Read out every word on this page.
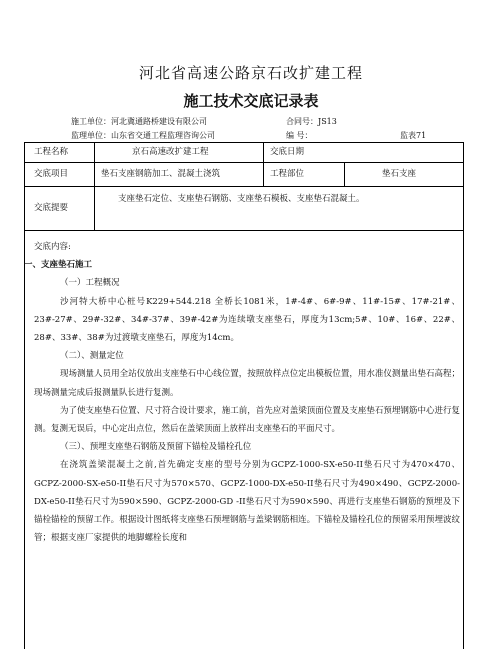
河北省高速公路京石改扩建工程
施工技术交底记录表
施工单位：河北冀通路桥建设有限公司	合同号：JS13
监理单位：山东省交通工程监理咨询公司	编 号：	监表71
工程名称	京石高速改扩建工程	交底日期
交底项目	垫石支座钢筋加工、混凝土浇筑	工程部位	垫石支座
交底提要
支座垫石定位、支座垫石钢筋、支座垫石模板、支座垫石混凝土。

交底内容:

一、支座垫石施工

（一）工程概况

沙河特大桥中心桩号K229+544.218 全桥长1081米，1#-4#、6#-9#、11#-15#、17#-21#、23#-27#、29#-32#、34#-37#、39#-42#为连续墩支座垫石，厚度为13cm;5#、10#、16#、22#、28#、33#、38#为过渡墩支座垫石，厚度为14cm。

（二）、测量定位

现场测量人员用全站仪放出支座垫石中心线位置，按照放样点位定出模板位置，用水准仪测量出垫石高程；现场测量完成后报测量队长进行复测。

为了使支座垫石位置、尺寸符合设计要求，施工前，首先应对盖梁顶面位置及支座垫石预埋钢筋中心进行复测。复测无误后，中心定出点位，然后在盖梁顶面上放样出支座垫石的平面尺寸。

（三）、预埋支座垫石钢筋及预留下锚栓及锚栓孔位

在浇筑盖梁混凝土之前,首先确定支座的型号分别为GCPZ-1000-SX-e50-II垫石尺寸为470×470、GCPZ-2000-SX-e50-II垫石尺寸为570×570、GCPZ-1000-DX-e50-II垫石尺寸为490×490、GCPZ-2000-DX-e50-II垫石尺寸为590×590、GCPZ-2000-GD -II垫石尺寸为590×590、再进行支座垫石钢筋的预埋及下锚栓锚栓的预留工作。根据设计图纸将支座垫石预埋钢筋与盖梁钢筋相连。下锚栓及锚栓孔位的预留采用预埋波纹管；根据支座厂家提供的地脚螺栓长度和
